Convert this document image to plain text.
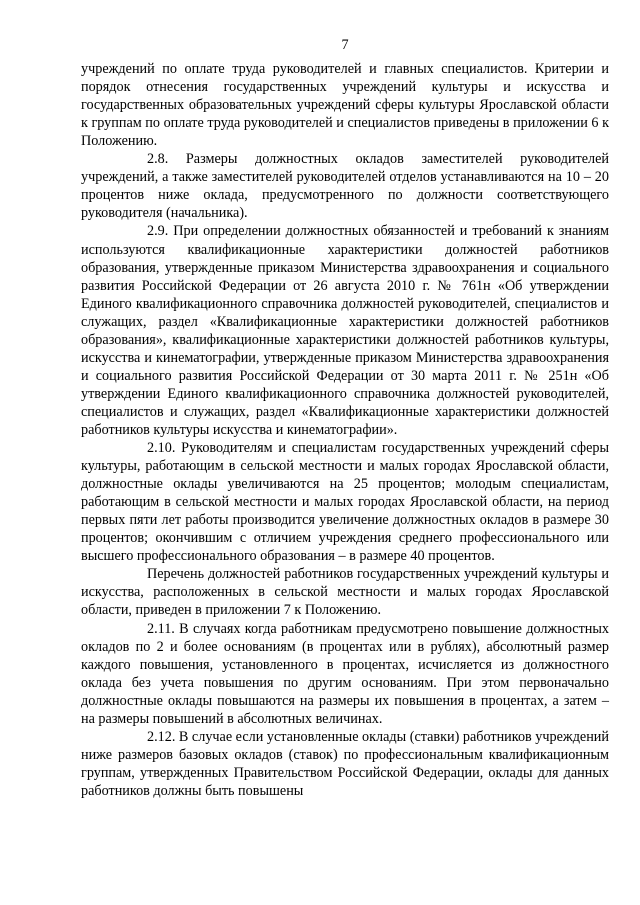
7

учреждений по оплате труда руководителей и главных специалистов. Критерии и порядок отнесения государственных учреждений культуры и искусства и государственных образовательных учреждений сферы культуры Ярославской области к группам по оплате труда руководителей и специалистов приведены в приложении 6 к Положению.

2.8. Размеры должностных окладов заместителей руководителей учреждений, а также заместителей руководителей отделов устанавливаются на 10 – 20 процентов ниже оклада, предусмотренного по должности соответствующего руководителя (начальника).

2.9. При определении должностных обязанностей и требований к знаниям используются квалификационные характеристики должностей работников образования, утвержденные приказом Министерства здравоохранения и социального развития Российской Федерации от 26 августа 2010 г. № 761н «Об утверждении Единого квалификационного справочника должностей руководителей, специалистов и служащих, раздел «Квалификационные характеристики должностей работников образования», квалификационные характеристики должностей работников культуры, искусства и кинематографии, утвержденные приказом Министерства здравоохранения и социального развития Российской Федерации от 30 марта 2011 г. № 251н «Об утверждении Единого квалификационного справочника должностей руководителей, специалистов и служащих, раздел «Квалификационные характеристики должностей работников культуры искусства и кинематографии».

2.10. Руководителям и специалистам государственных учреждений сферы культуры, работающим в сельской местности и малых городах Ярославской области, должностные оклады увеличиваются на 25 процентов; молодым специалистам, работающим в сельской местности и малых городах Ярославской области, на период первых пяти лет работы производится увеличение должностных окладов в размере 30 процентов; окончившим с отличием учреждения среднего профессионального или высшего профессионального образования – в размере 40 процентов.

Перечень должностей работников государственных учреждений культуры и искусства, расположенных в сельской местности и малых городах Ярославской области, приведен в приложении 7 к Положению.

2.11. В случаях когда работникам предусмотрено повышение должностных окладов по 2 и более основаниям (в процентах или в рублях), абсолютный размер каждого повышения, установленного в процентах, исчисляется из должностного оклада без учета повышения по другим основаниям. При этом первоначально должностные оклады повышаются на размеры их повышения в процентах, а затем – на размеры повышений в абсолютных величинах.

2.12. В случае если установленные оклады (ставки) работников учреждений ниже размеров базовых окладов (ставок) по профессиональным квалификационным группам, утвержденных Правительством Российской Федерации, оклады для данных работников должны быть повышены
